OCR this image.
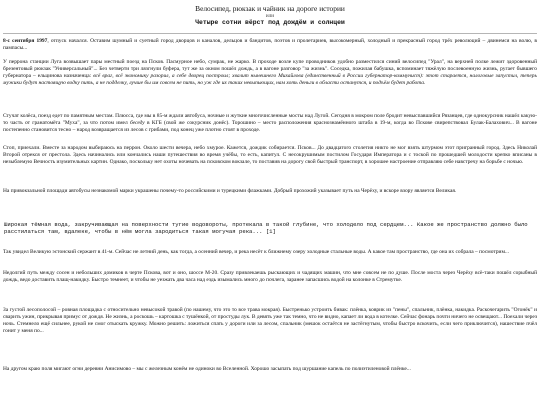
Велосипед, рюкзак и чайник на дороге истории
или
Четыре сотни вёрст под дождём и солнцем

8-с сентября 1997, отпуск начался. Оставим шумный и суетный город дворцов и каналов, дельцов и бандитов, поэтов и пролетариев, высокомерный, холодный и прекрасный город трёх революций – двинемся на волю, в пампасы...

У перрона станции Луга возвышает пары местный поезд на Псков. Пасмурное небо, сумрак, не жарко. В проходе возле купе проводников удобно разместился синий велосипед "Урал", на верхней полке лежит здоровенный брезентовый рюкзак "Универсальный"... Без четверти три лязгнули буфера, тут же за окном пошёл дождь, а в вагоне разговор "за жизнь". Соседка, пожилая бабушка, вспоминает тяжёлую послевоенную жизнь, ругает бывшего губернатора – ельцинова назначенца: всё враг, всё экономику разорил, а себе дворец построил; хвалит нынешнего Михайлова (единственный в России губернатор-коммунист): этот старается, налоговые запустил, теперь мужики будут настоящую водку пить, а не подделку, лучше бы им совсем не пить, но уж где их таких невыпьющих, нам хоть деньги в области останутся, и подъём будет работа.

Стучат колёса, поезд едет по памятным местам. Плюсса, где мы в 85-м ждали автобуса, ночные и жуткие многочисленные мосты над Лугой. Сегодня в мокром поле бродит невыспавшийся Рязанцев, где однокурсник нашёл какую-то часть от гранатомёта "Муха", за что потом имел беседу в КГБ (свой же сокурсник донёс). Торошино – место расположения краснознамённого штаба в 19-м, когда во Пскове свирепствовал Булак-Балахович... В вагоне постепенно становится тесно – народ возвращается из лесов с грибами, под конец уже плотно стоят в проходе.

Стоп, приехали. Вместе за народом выбираюсь на перрон. Около шести вечера, небо хмурое. Кажется, дождик собирается. Псков... До двадцатого столетия никто не мог взять штурмом этот пригранный город. Здесь Николай Второй отрекся от престола. Здесь начинались или кончались наши путешествия во время учёбы, то есть, капитул. С несокрушимым постилом Государя Императора и с тоской по прошедшей молодости крепко вписаны в незыблемую Вечность изумительных картин. Однако, поскольку нет охоты ночевать на псковском вокзале, то поставив на дорогу свой быстрый транспорт, в хорошее настроение отправляю себе навстречу на борьбе с ночью.

На привокзальной площади автобусы незнакомой марки украшены почему-то российскими и турецкими флажками. Добрый прохожий указывает путь на Черёху, и вскоре взору является Великая.

Широкая тёмная вода, закручивающая на поверхности тугие водовороты, протекала в такой глубине, что холодело под сердцем... Какое же пространство должно было расстилаться там, вдалеке, чтобы в нём могла зародиться такая могучая река... [1]

Так увидел Великую эстонский сержант в 41-м. Сейчас не летний день, как тогда, а осенний вечер, и река несёт к ближнему озеру холодные стальные воды. А какое там пространство, где она их собрала – посмотрим...

Недолгий путь между сосен и небольших домиков в черте Пскова, вот и оно, шоссе М-20. Сразу привлекаешь рыскающих и чадящих машин, что мне совсем не по душе. После моста через Черёху всё-таки пошёл сорыбный дождь, ведо доставить плащ-накидку. Быстро темнеет, и чтобы не уезжать два часа над ездь изымались много до почлега, заранее запасшись водой на колонке в Стремутке.

За густой лесополосой – ровная площадка с относительно невысокой травой (по нашему, что это то все трава мокрая). Быстренько устроить бивак: плёнка, коврик из "пены", спальник, плёнка, накидка. Раскочегарить "Огонёк" и сварить ужин, прикрывая примус от дождя. Не жизнь, а роскошь – картошка с тушёнкой, от простуды лук. В девять уже так темно, что не видно, капает ли вода в котелке. Сейчас фонарь почти ничего не освещают... Поехали через ночь. Стемнело ещё сильнее, рукой не смог отыскать кружку. Можно решить: ложиться спать у дороги или за лесом, спальник (мешок остаётся не застёгнутым, чтобы быстро вскочить, если чего приключится), нашествие пчёл гонит у меня по...

На другом краю поля мигают огни деревни Анисимово – мы с железным конём не одиноки во Вселенной. Хорошо засыпать под шуршание капель по полиэтиленовой плёнке...
